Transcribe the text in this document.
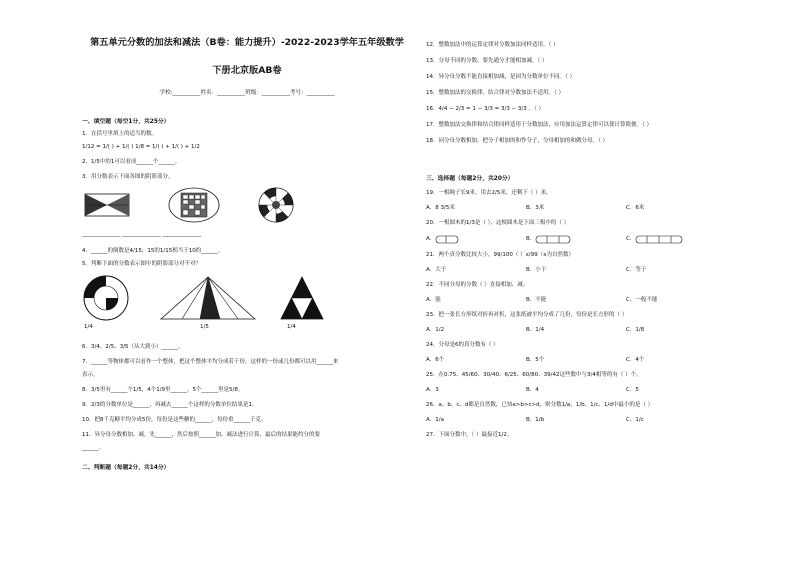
第五单元分数的加法和减法（B卷：能力提升）-2022-2023学年五年级数学
下册北京版AB卷
学校:__________姓名：__________班级：__________考号：__________
一、填空题（每空1分，共25分）
1．在括号里填上的适当的数。
1/12 = 1/( ) + 1/( ) 1/8 = 1/( ) + 1/( ) + 1/2
2．1/5中的1可以看成______个______。
3．用分数表示下面各图的阴影部分。
______________ ______________ ______________
4．______的倒数是4/15，15的1/15相当于10的______。
5．判断下面的分数表示图中的阴影部分对不对？
1/4	1/5	1/4
6．3/4、2/5、3/5（从大到小）______。
7．______等物体都可以看作一个整体，把这个整体平均分成若干份，这样的一份或几份都可以用______来
表示。
8．3/5里有______个1/5，4个1/9里______，5个______里是5/8。
9．2/3的分数单位是______，再减去______个这样的分数单位结果是1。
10．把8千克糖平均分成5份，每份是这些糖的______，每份重______千克。
11．异分母分数相加、减，先______，然后按照______加、减法进行计算，最后的结果能约分的要
______。
二、判断题（每题2分，共14分）
12．整数加法中的运算定律对分数加法同样适用。（ ）
13．分母不同的分数，要先通分才能相加减。（ ）
14．异分母分数不能直接相加减，是因为分数单位不同。（ ）
15．整数加法的交换律、结合律对分数加法不适用。（ ）
16．4/4 − 2/3 = 1 − 3/3 = 3/3 − 3/3 。（ ）
17．整数加法交换律和结合律同样适用于分数加法，应用加法运算定律可以使计算简便。（ ）
18．同分母分数相加，把分子相加的和作分子，分母相加的和做分母。（ ）
三、选择题（每题2分，共20分）
19．一根绳子长9米，用去2/5米，还剩下（ ）米。
A．8 3/5米	B．3米	C．6米
20．一根圆木的1/3是（ ），这根圆木是下面三根中的（ ）
A．	B．	C．
21．两个真分数比较大小，99/100（ ）x/99（x为自然数）
A．大于	B．小于	C．等于
22．不同分母的分数（ ）直接相加、减。
A．能	B．不能	C．一般不能
23．把一张长方形纸对折再对折，这张纸被平均分成了几份，每份是长方形的（ ）
A．1/2	B．1/4	C．1/8
24．分母是6的真分数有（ ）
A．6个	B．5个	C．4个
25．在0.75、45/60、30/40、6/25、60/80、39/42这些数中与3/4相等的有（ ）个。
A．3	B．4	C．5
26．a、b、c、d都是自然数，已知a>b>c>d，则分数1/a、1/b、1/c、1/d中最小的是（ ）
A．1/a	B．1/b	C．1/c
27．下面分数中，（ ）最接近1/2。
